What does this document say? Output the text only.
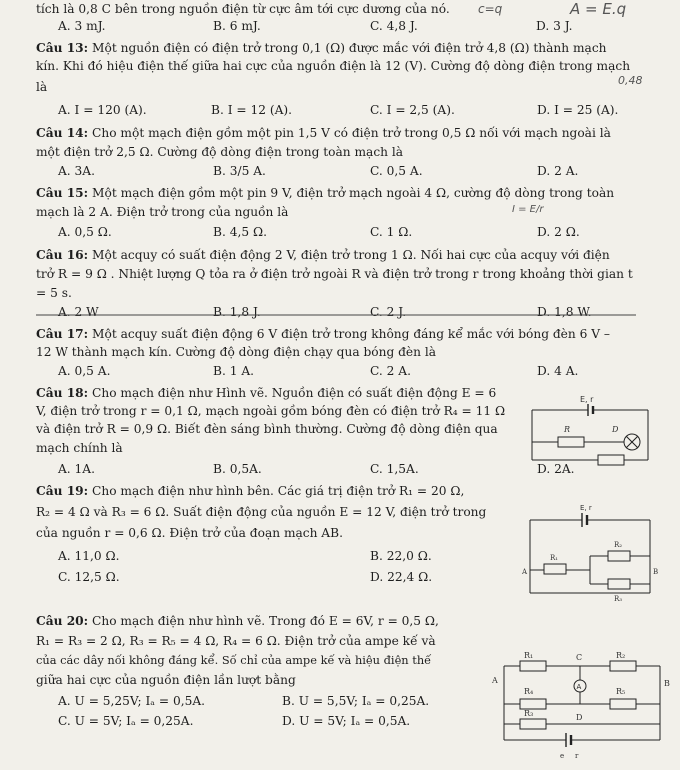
tích là 0,8 C bên trong nguồn điện từ cực âm tới cực dương của nó. c=q	A = E.q
A. 3 mJ.	B. 6 mJ.	C. 4,8 J.	D. 3 J.
Câu 13: Một nguồn điện có điện trở trong 0,1 (Ω) được mắc với điện trở 4,8 (Ω) thành mạch
kín. Khi đó hiệu điện thế giữa hai cực của nguồn điện là 12 (V). Cường độ dòng điện trong mạch
0,48
là
A. I = 120 (A).	B. I = 12 (A).	C. I = 2,5 (A).	D. I = 25 (A).
Câu 14: Cho một mạch điện gồm một pin 1,5 V có điện trở trong 0,5 Ω nối với mạch ngoài là
một điện trở 2,5 Ω. Cường độ dòng điện trong toàn mạch là
A. 3A.	B. 3/5 A.	C. 0,5 A.	D. 2 A.
Câu 15: Một mạch điện gồm một pin 9 V, điện trở mạch ngoài 4 Ω, cường độ dòng trong toàn
mạch là 2 A. Điện trở trong của nguồn là	I = E/r
A. 0,5 Ω.	B. 4,5 Ω.	C. 1 Ω.	D. 2 Ω.
Câu 16: Một acquy có suất điện động 2 V, điện trở trong 1 Ω. Nối hai cực của acquy với điện
trở R = 9 Ω . Nhiệt lượng Q tỏa ra ở điện trở ngoài R và điện trở trong r trong khoảng thời gian t
= 5 s.
A. 2 W	B. 1,8 J.	C. 2 J.	D. 1,8 W.
Câu 17: Một acquy suất điện động 6 V điện trở trong không đáng kể mắc với bóng đèn 6 V –
12 W thành mạch kín. Cường độ dòng điện chạy qua bóng đèn là
A. 0,5 A.	B. 1 A.	C. 2 A.	D. 4 A.
Câu 18: Cho mạch điện như Hình vẽ. Nguồn điện có suất điện động E = 6
V, điện trở trong r = 0,1 Ω, mạch ngoài gồm bóng đèn có điện trở R₄ = 11 Ω
và điện trở R = 0,9 Ω. Biết đèn sáng bình thường. Cường độ dòng điện qua
mạch chính là
A. 1A.	B. 0,5A.	C. 1,5A.	D. 2A.
E, r
R	D
Câu 19: Cho mạch điện như hình bên. Các giá trị điện trở R₁ = 20 Ω,
R₂ = 4 Ω và R₃ = 6 Ω. Suất điện động của nguồn E = 12 V, điện trở trong
của nguồn r = 0,6 Ω. Điện trở của đoạn mạch AB.
A. 11,0 Ω.	B. 22,0 Ω.
C. 12,5 Ω.	D. 22,4 Ω.
E, r
R₁
R₂
R₃
A	B
Câu 20: Cho mạch điện như hình vẽ. Trong đó E = 6V, r = 0,5 Ω,
R₁ = R₃ = 2 Ω, R₃ = R₅ = 4 Ω, R₄ = 6 Ω. Điện trở của ampe kế và
của các dây nối không đáng kể. Số chỉ của ampe kế và hiệu điện thế
giữa hai cực của nguồn điện lần lượt bằng
A. U = 5,25V; Iₐ = 0,5A.	B. U = 5,5V; Iₐ = 0,25A.
C. U = 5V; Iₐ = 0,25A.	D. U = 5V; Iₐ = 0,5A.
R₁	C	R₂
A
A	B
R₄	R₅
D
R₃
e r
